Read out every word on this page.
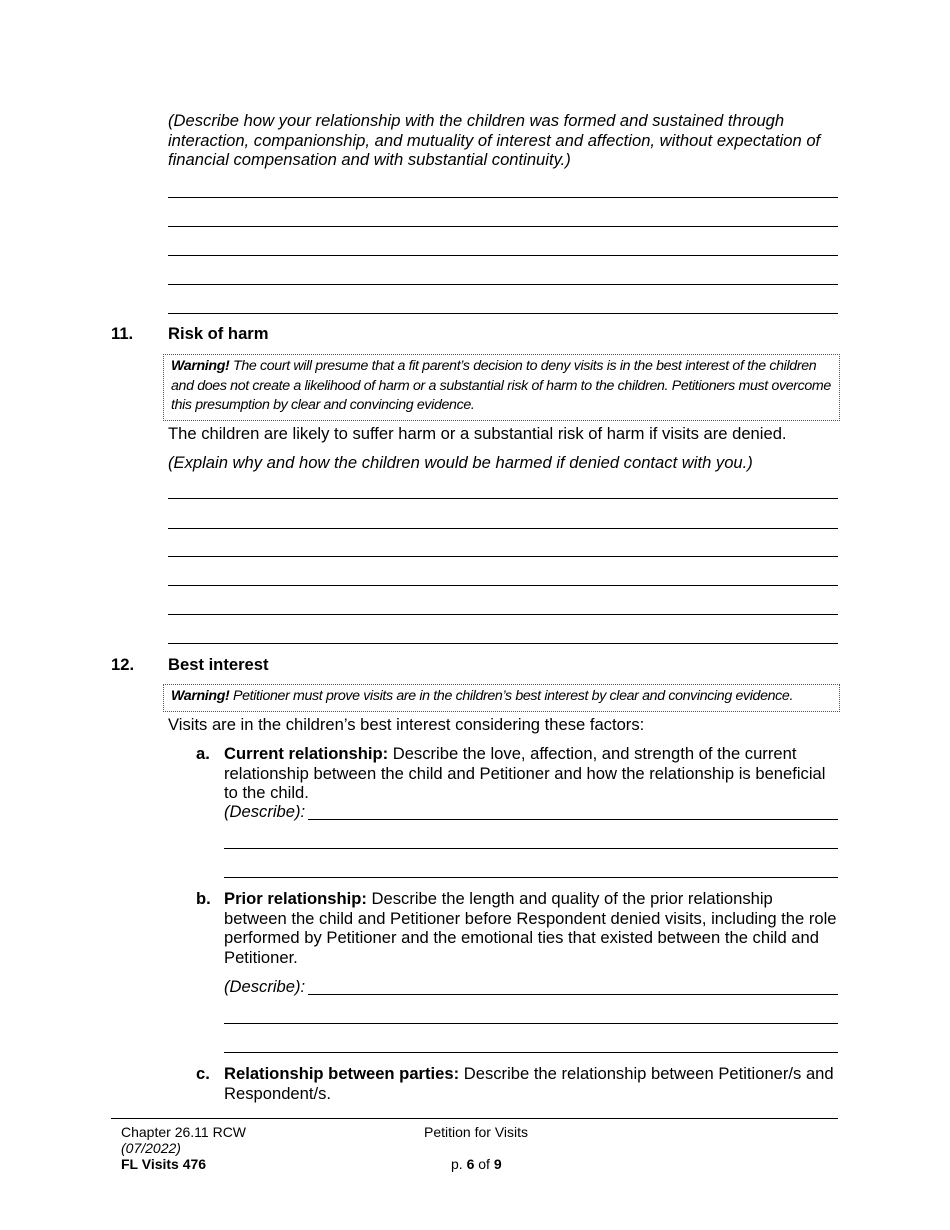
(Describe how your relationship with the children was formed and sustained through interaction, companionship, and mutuality of interest and affection, without expectation of financial compensation and with substantial continuity.)
11. Risk of harm
Warning! The court will presume that a fit parent’s decision to deny visits is in the best interest of the children and does not create a likelihood of harm or a substantial risk of harm to the children. Petitioners must overcome this presumption by clear and convincing evidence.
The children are likely to suffer harm or a substantial risk of harm if visits are denied.
(Explain why and how the children would be harmed if denied contact with you.)
12. Best interest
Warning! Petitioner must prove visits are in the children’s best interest by clear and convincing evidence.
Visits are in the children’s best interest considering these factors:
a. Current relationship: Describe the love, affection, and strength of the current relationship between the child and Petitioner and how the relationship is beneficial to the child.
(Describe):
b. Prior relationship: Describe the length and quality of the prior relationship between the child and Petitioner before Respondent denied visits, including the role performed by Petitioner and the emotional ties that existed between the child and Petitioner.
(Describe):
c. Relationship between parties: Describe the relationship between Petitioner/s and Respondent/s.
Chapter 26.11 RCW
(07/2022)
FL Visits 476
Petition for Visits
p. 6 of 9
